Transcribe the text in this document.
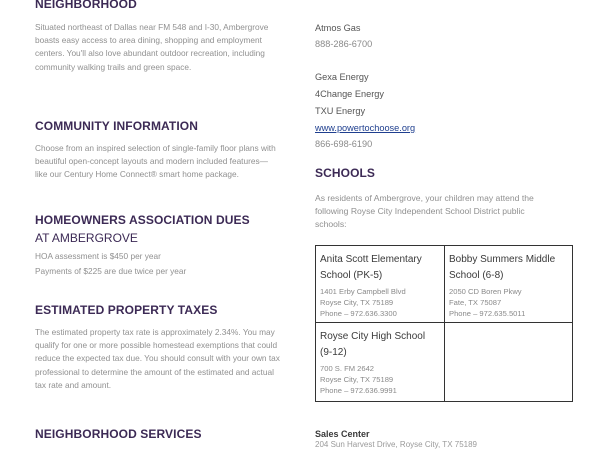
NEIGHBORHOOD

Situated northeast of Dallas near FM 548 and I-30, Ambergrove boasts easy access to area dining, shopping and employment centers. You'll also love abundant outdoor recreation, including community walking trails and green space.

COMMUNITY INFORMATION

Choose from an inspired selection of single-family floor plans with beautiful open-concept layouts and modern included features—like our Century Home Connect® smart home package.

HOMEOWNERS ASSOCIATION DUES

AT AMBERGROVE

HOA assessment is $450 per year

Payments of $225 are due twice per year

ESTIMATED PROPERTY TAXES

The estimated property tax rate is approximately 2.34%. You may qualify for one or more possible homestead exemptions that could reduce the expected tax due. You should consult with your own tax professional to determine the amount of the estimated and actual tax rate and amount.

NEIGHBORHOOD SERVICES

Atmos Gas

888-286-6700

Gexa Energy

4Change Energy

TXU Energy

www.powertochoose.org

866-698-6190

SCHOOLS

As residents of Ambergrove, your children may attend the following Royse City Independent School District public schools:

Anita Scott Elementary School (PK-5)

1401 Erby Campbell Blvd
Royse City, TX 75189
Phone – 972.636.3300

Bobby Summers Middle School (6-8)

2050 CD Boren Pkwy
Fate, TX 75087
Phone – 972.635.5011

Royse City High School (9-12)

700 S. FM 2642
Royse City, TX 75189
Phone – 972.636.9991

Sales Center
204 Sun Harvest Drive, Royse City, TX 75189
